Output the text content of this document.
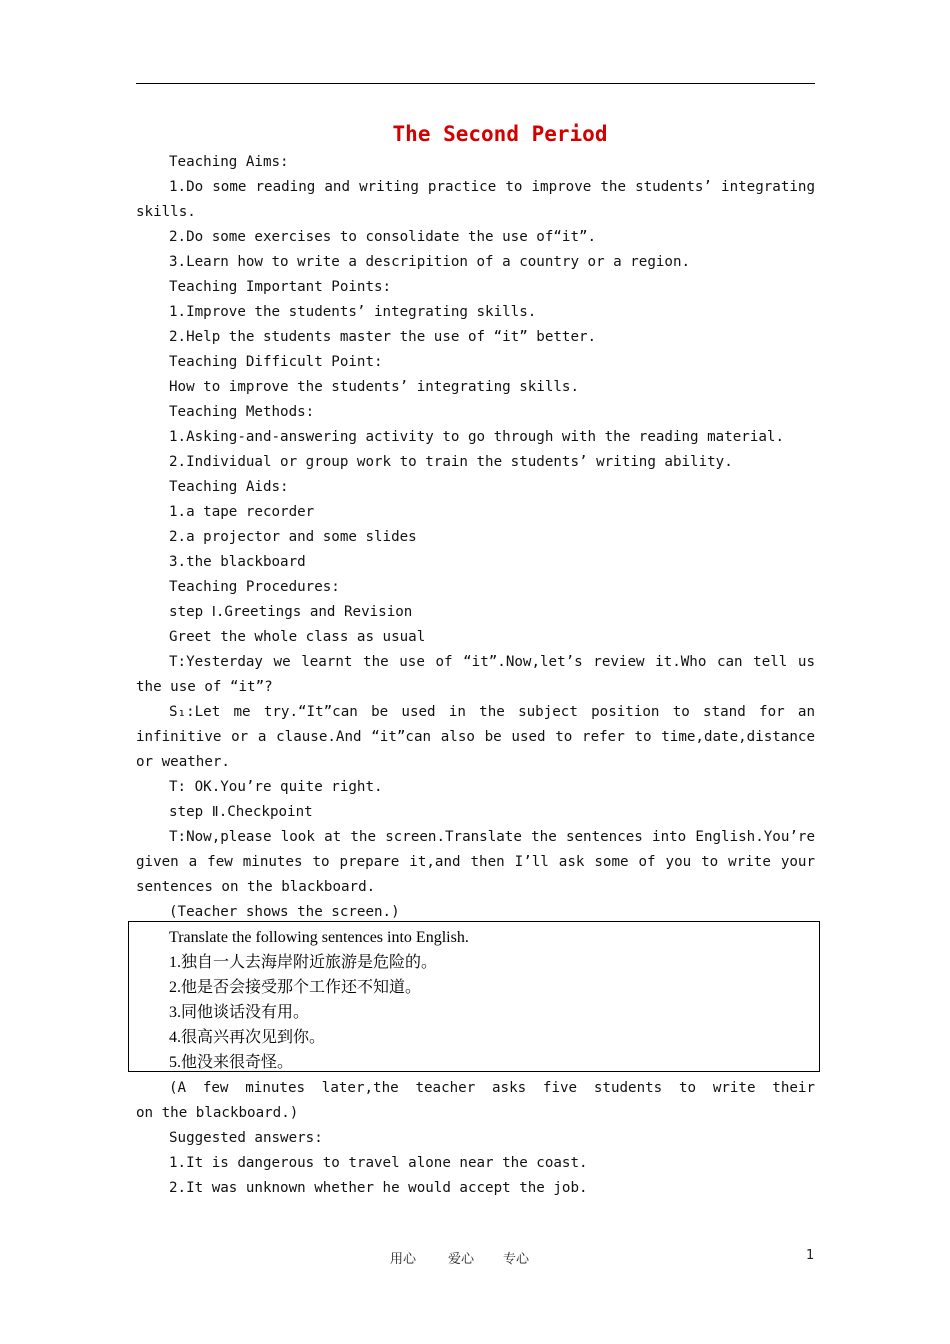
The Second Period
Teaching Aims:
1.Do some reading and writing practice to improve the students’ integrating
skills.
2.Do some exercises to consolidate the use of“it”.
3.Learn how to write a descripition of a country or a region.
Teaching Important Points:
1.Improve the students’ integrating skills.
2.Help the students master the use of “it” better.
Teaching Difficult Point:
How to improve the students’ integrating skills.
Teaching Methods:
1.Asking-and-answering activity to go through with the reading material.
2.Individual or group work to train the students’ writing ability.
Teaching Aids:
1.a tape recorder
2.a projector and some slides
3.the blackboard
Teaching Procedures:
step Ⅰ.Greetings and Revision
Greet the whole class as usual
T:Yesterday we learnt the use of “it”.Now,let’s review it.Who can tell us
the use of “it”?
S₁:Let me try.“It”can be used in the subject position to stand for an
infinitive or a clause.And “it”can also be used to refer to time,date,distance
or weather.
T: OK.You’re quite right.
step Ⅱ.Checkpoint
T:Now,please look at the screen.Translate the sentences into English.You’re
given a few minutes to prepare it,and then I’ll ask some of you to write your
sentences on the blackboard.
(Teacher shows the screen.)
Translate the following sentences into English.
1.独自一人去海岸附近旅游是危险的。
2.他是否会接受那个工作还不知道。
3.同他谈话没有用。
4.很高兴再次见到你。
5.他没来很奇怪。
(A few minutes later,the teacher asks five students to write their
on the blackboard.)
Suggested answers:
1.It is dangerous to travel alone near the coast.
2.It was unknown whether he would accept the job.
用心 爱心 专心	1
